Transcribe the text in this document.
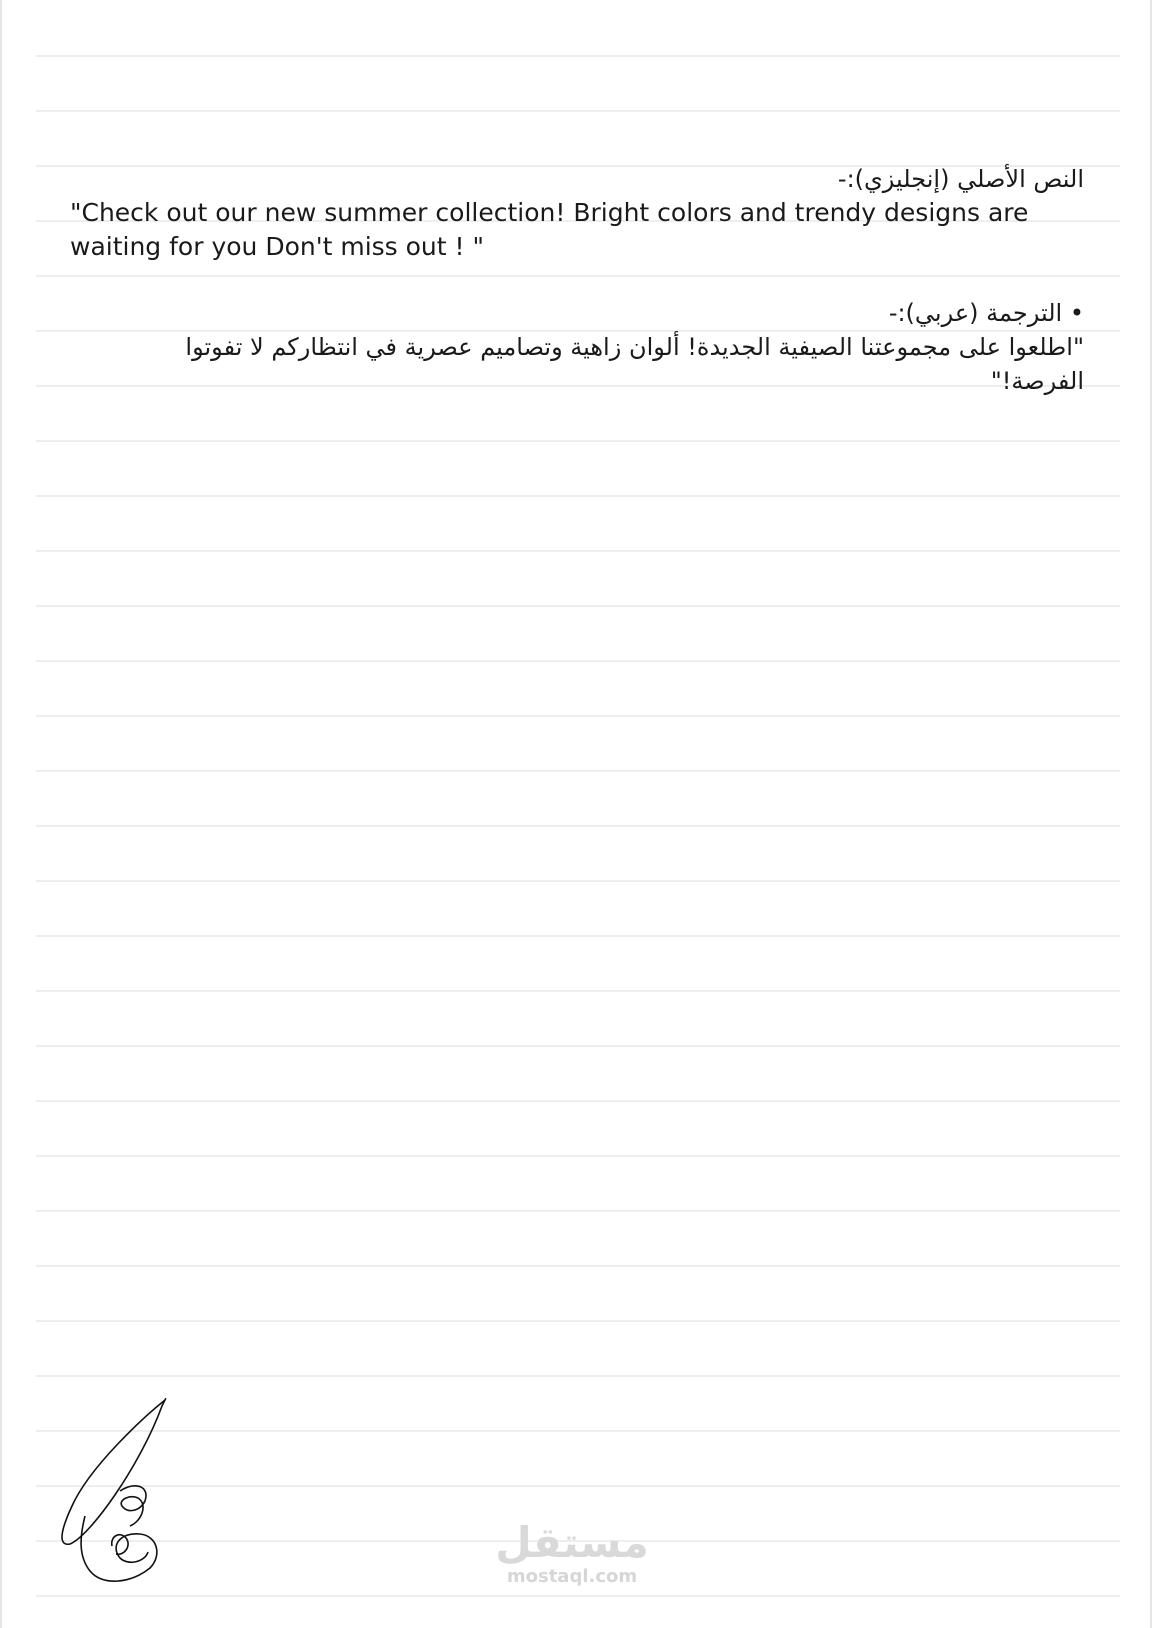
النص الأصلي (إنجليزي):-

"Check out our new summer collection! Bright colors and trendy designs are
waiting for you Don't miss out ! "

• الترجمة (عربي):-

"اطلعوا على مجموعتنا الصيفية الجديدة! ألوان زاهية وتصاميم عصرية في انتظاركم لا تفوتوا
الفرصة!"

مستقل
mostaql.com
